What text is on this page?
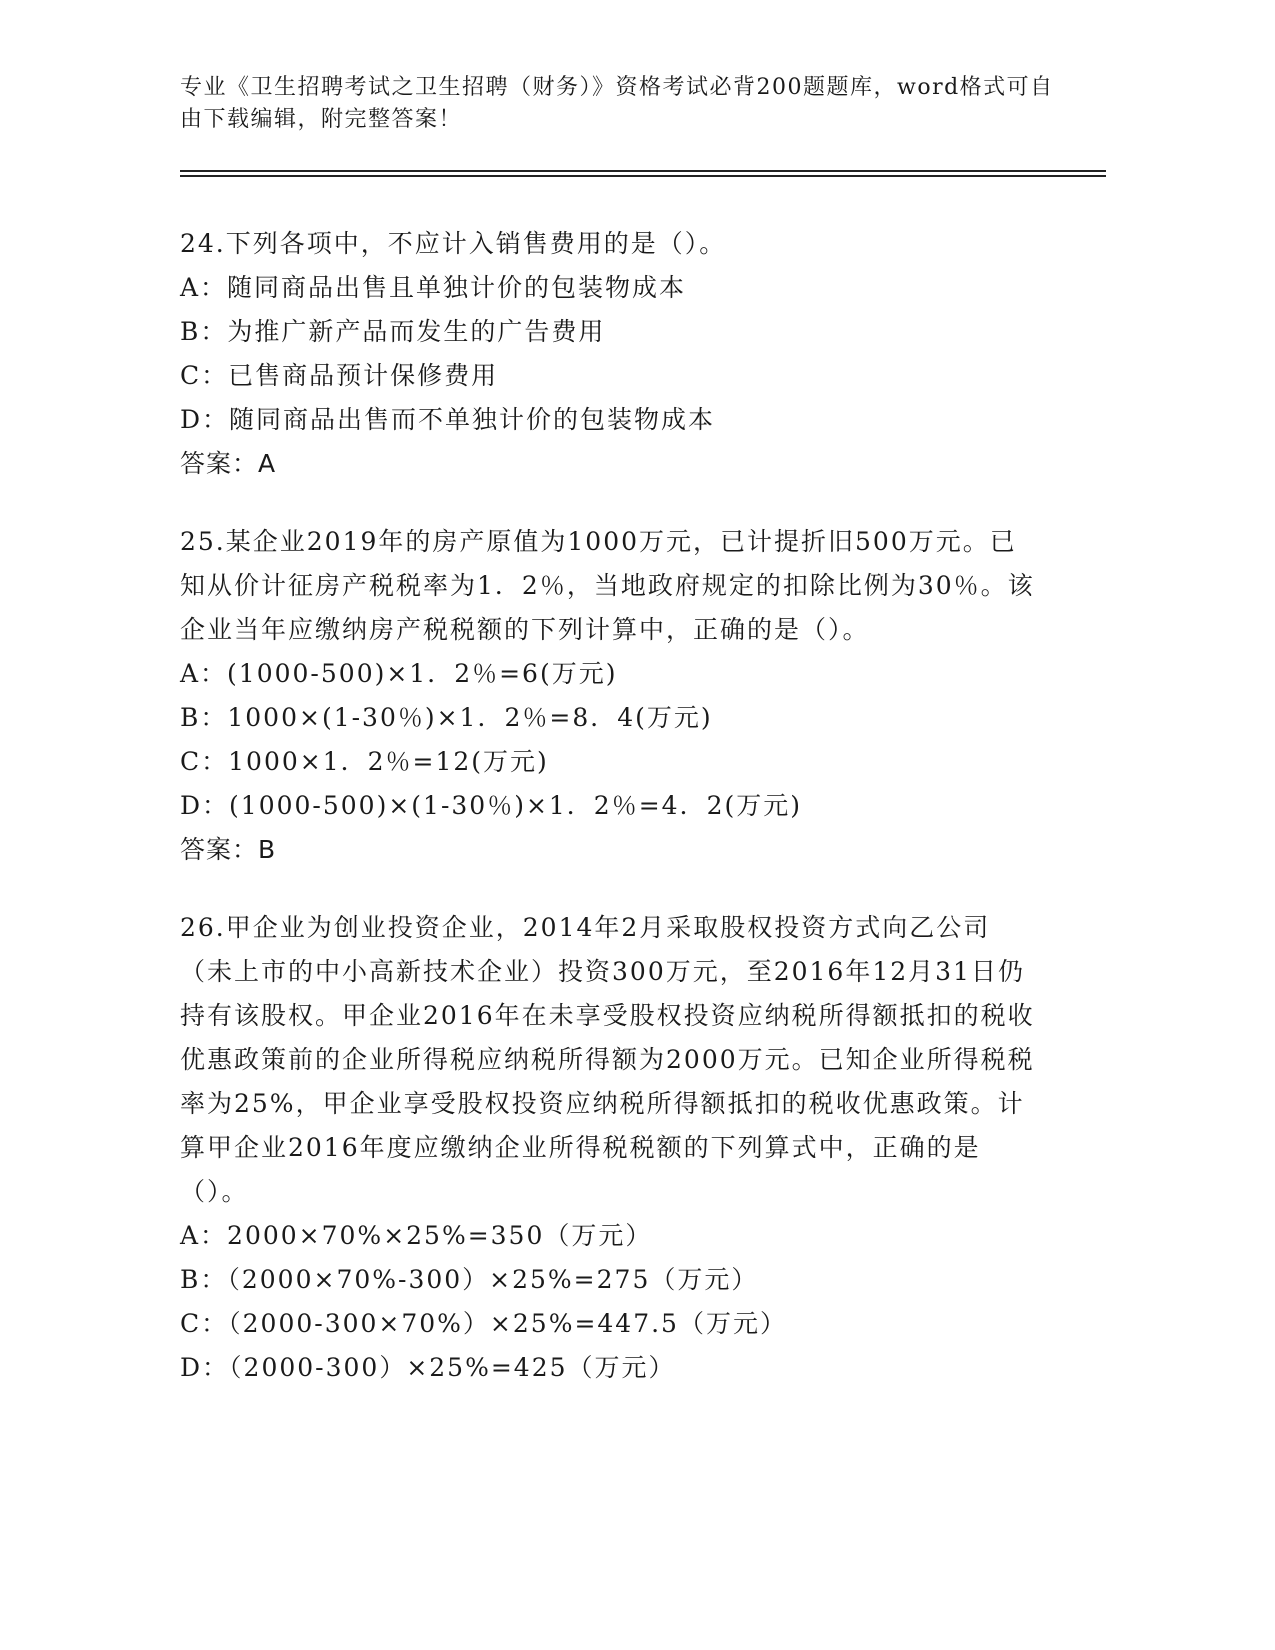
专业《卫生招聘考试之卫生招聘（财务）》资格考试必背200题题库，word格式可自由下载编辑，附完整答案！
24.下列各项中，不应计入销售费用的是（）。
A：随同商品出售且单独计价的包装物成本
B：为推广新产品而发生的广告费用
C：已售商品预计保修费用
D：随同商品出售而不单独计价的包装物成本
答案：A
25.某企业2019年的房产原值为1000万元，已计提折旧500万元。已知从价计征房产税税率为1．2％，当地政府规定的扣除比例为30％。该企业当年应缴纳房产税税额的下列计算中，正确的是（）。
A：(1000-500)×1．2％=6(万元)
B：1000×(1-30％)×1．2％=8．4(万元)
C：1000×1．2％=12(万元)
D：(1000-500)×(1-30％)×1．2％=4．2(万元)
答案：B
26.甲企业为创业投资企业，2014年2月采取股权投资方式向乙公司（未上市的中小高新技术企业）投资300万元，至2016年12月31日仍持有该股权。甲企业2016年在未享受股权投资应纳税所得额抵扣的税收优惠政策前的企业所得税应纳税所得额为2000万元。已知企业所得税税率为25%，甲企业享受股权投资应纳税所得额抵扣的税收优惠政策。计算甲企业2016年度应缴纳企业所得税税额的下列算式中，正确的是（）。
A：2000×70%×25%=350（万元）
B：（2000×70%-300）×25%=275（万元）
C：（2000-300×70%）×25%=447.5（万元）
D：（2000-300）×25%=425（万元）
